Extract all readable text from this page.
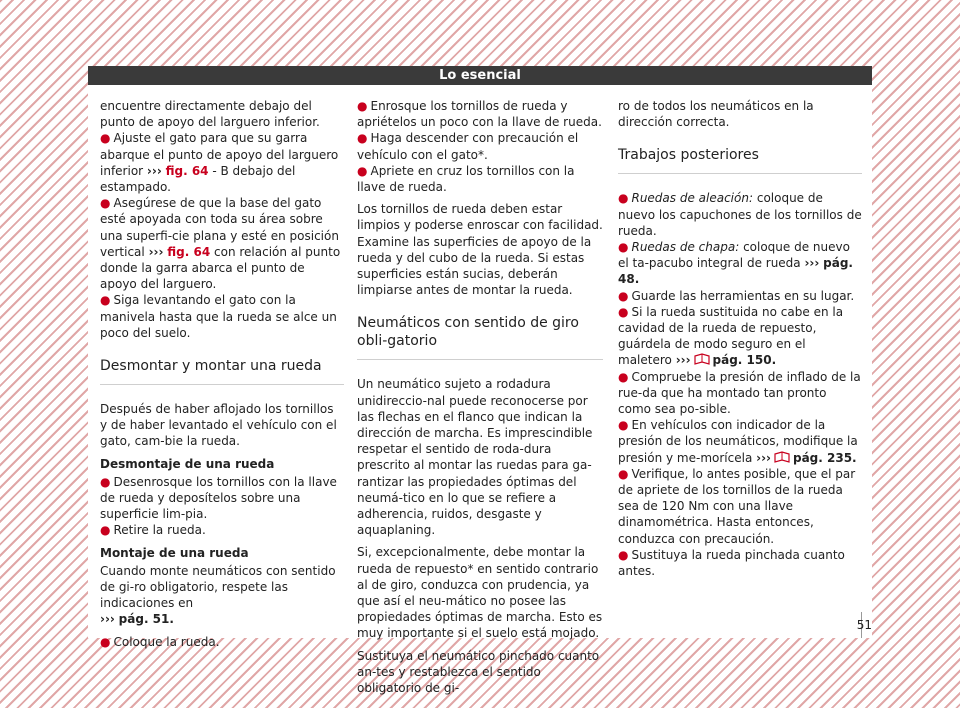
Lo esencial

encuentre directamente debajo del punto de apoyo del larguero inferior.

● Ajuste el gato para que su garra abarque el punto de apoyo del larguero inferior ››› fig. 64 - B debajo del estampado.

● Asegúrese de que la base del gato esté apoyada con toda su área sobre una superfi-cie plana y esté en posición vertical ››› fig. 64 con relación al punto donde la garra abarca el punto de apoyo del larguero.

● Siga levantando el gato con la manivela hasta que la rueda se alce un poco del suelo.

Desmontar y montar una rueda

Después de haber aflojado los tornillos y de haber levantado el vehículo con el gato, cam-bie la rueda.

Desmontaje de una rueda

● Desenrosque los tornillos con la llave de rueda y deposítelos sobre una superficie lim-pia.

● Retire la rueda.

Montaje de una rueda

Cuando monte neumáticos con sentido de gi-ro obligatorio, respete las indicaciones en
››› pág. 51.

● Coloque la rueda.

● Enrosque los tornillos de rueda y apriételos un poco con la llave de rueda.

● Haga descender con precaución el vehículo con el gato*.

● Apriete en cruz los tornillos con la llave de rueda.

Los tornillos de rueda deben estar limpios y poderse enroscar con facilidad. Examine las superficies de apoyo de la rueda y del cubo de la rueda. Si estas superficies están sucias, deberán limpiarse antes de montar la rueda.

Neumáticos con sentido de giro obli-gatorio

Un neumático sujeto a rodadura unidireccio-nal puede reconocerse por las flechas en el flanco que indican la dirección de marcha. Es imprescindible respetar el sentido de roda-dura prescrito al montar las ruedas para ga-rantizar las propiedades óptimas del neumá-tico en lo que se refiere a adherencia, ruidos, desgaste y aquaplaning.

Si, excepcionalmente, debe montar la rueda de repuesto* en sentido contrario al de giro, conduzca con prudencia, ya que así el neu-mático no posee las propiedades óptimas de marcha. Esto es muy importante si el suelo está mojado.

Sustituya el neumático pinchado cuanto an-tes y restablezca el sentido obligatorio de gi-

ro de todos los neumáticos en la dirección correcta.

Trabajos posteriores

● Ruedas de aleación: coloque de nuevo los capuchones de los tornillos de rueda.

● Ruedas de chapa: coloque de nuevo el ta-pacubo integral de rueda ››› pág. 48.

● Guarde las herramientas en su lugar.

● Si la rueda sustituida no cabe en la cavidad de la rueda de repuesto, guárdela de modo seguro en el maletero ››› pág. 150.

● Compruebe la presión de inflado de la rue-da que ha montado tan pronto como sea po-sible.

● En vehículos con indicador de la presión de los neumáticos, modifique la presión y me-morícela ››› pág. 235.

● Verifique, lo antes posible, que el par de apriete de los tornillos de la rueda sea de 120 Nm con una llave dinamométrica. Hasta entonces, conduzca con precaución.

● Sustituya la rueda pinchada cuanto antes.

51
